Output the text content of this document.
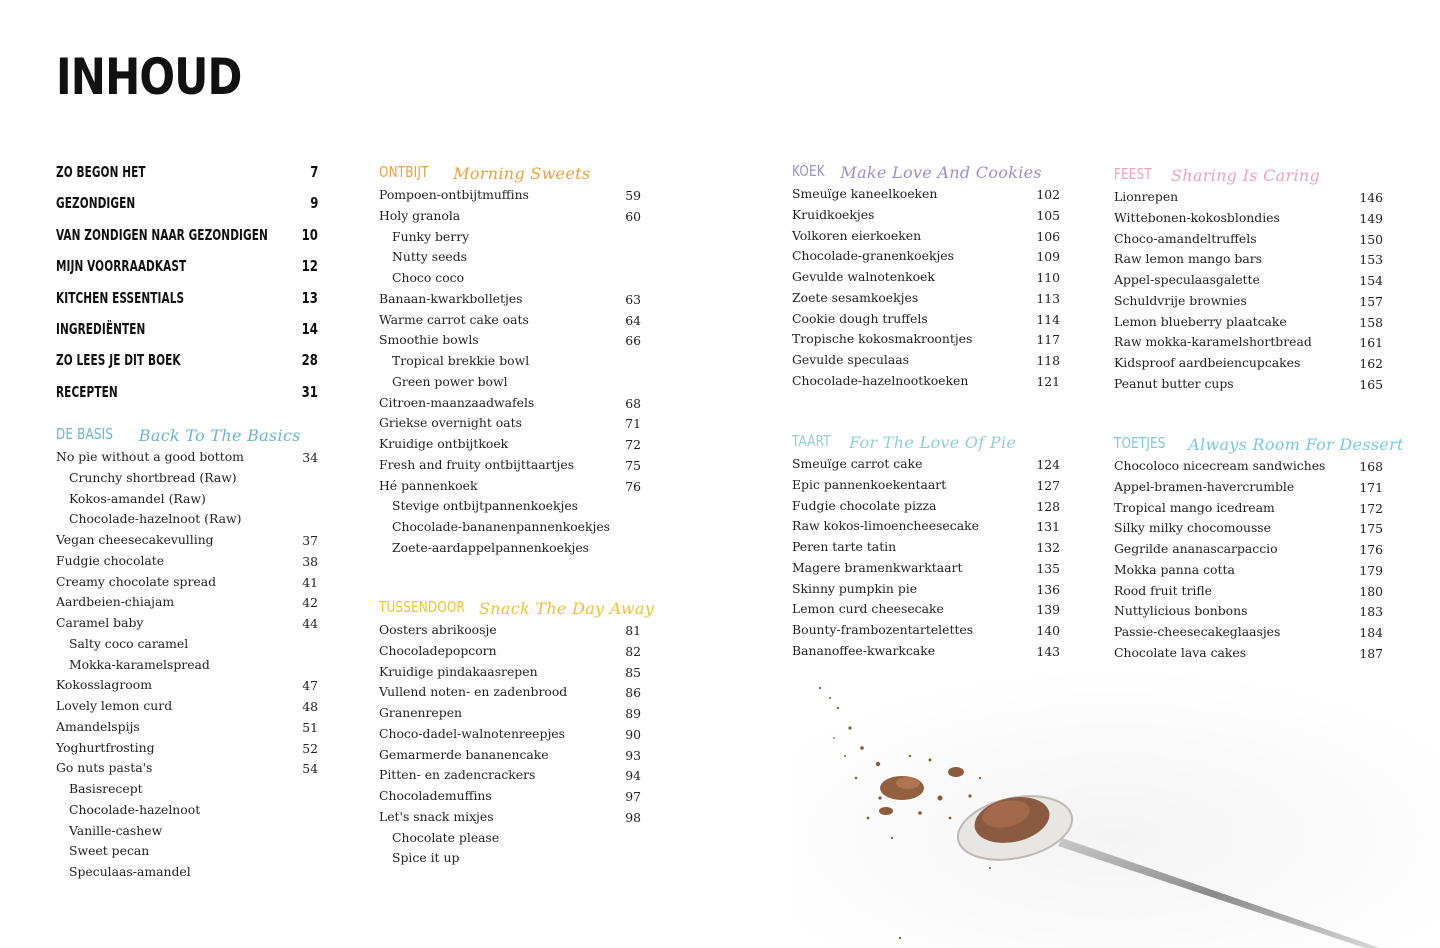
INHOUD
ZO BEGON HET	7
GEZONDIGEN	9
VAN ZONDIGEN NAAR GEZONDIGEN 10
MIJN VOORRAADKAST	12
KITCHEN ESSENTIALS	13
INGREDIËNTEN	14
ZO LEES JE DIT BOEK	28
RECEPTEN	31
DE BASIS Back To The Basics
No pie without a good bottom	34
Crunchy shortbread (Raw)
Kokos-amandel (Raw)
Chocolade-hazelnoot (Raw)
Vegan cheesecakevulling	37
Fudgie chocolate	38
Creamy chocolate spread	41
Aardbeien-chiajam	42
Caramel baby	44
Salty coco caramel
Mokka-karamelspread
Kokosslagroom	47
Lovely lemon curd	48
Amandelspijs	51
Yoghurtfrosting	52
Go nuts pasta's	54
Basisrecept
Chocolade-hazelnoot
Vanille-cashew
Sweet pecan
Speculaas-amandel
ONTBIJT Morning Sweets
Pompoen-ontbijtmuffins	59
Holy granola	60
Funky berry
Nutty seeds
Choco coco
Banaan-kwarkbolletjes	63
Warme carrot cake oats	64
Smoothie bowls	66
Tropical brekkie bowl
Green power bowl
Citroen-maanzaadwafels	68
Griekse overnight oats	71
Kruidige ontbijtkoek	72
Fresh and fruity ontbijttaartjes	75
Hé pannenkoek	76
Stevige ontbijtpannenkoekjes
Chocolade-bananenpannenkoekjes
Zoete-aardappelpannenkoekjes
TUSSENDOOR Snack The Day Away
Oosters abrikoosje	81
Chocoladepopcorn	82
Kruidige pindakaasrepen	85
Vullend noten- en zadenbrood	86
Granenrepen	89
Choco-dadel-walnotenreepjes	90
Gemarmerde bananencake	93
Pitten- en zadencrackers	94
Chocolademuffins	97
Let's snack mixjes	98
Chocolate please
Spice it up
KOEK Make Love And Cookies
Smeuïge kaneelkoeken	102
Kruidkoekjes	105
Volkoren eierkoeken	106
Chocolade-granenkoekjes	109
Gevulde walnotenkoek	110
Zoete sesamkoekjes	113
Cookie dough truffels	114
Tropische kokosmakroontjes	117
Gevulde speculaas	118
Chocolade-hazelnootkoeken	121
TAART For The Love Of Pie
Smeuïge carrot cake	124
Epic pannenkoekentaart	127
Fudgie chocolate pizza	128
Raw kokos-limoencheesecake	131
Peren tarte tatin	132
Magere bramenkwarktaart	135
Skinny pumpkin pie	136
Lemon curd cheesecake	139
Bounty-frambozentartelettes	140
Bananoffee-kwarkcake	143
FEEST Sharing Is Caring
Lionrepen	146
Wittebonen-kokosblondies	149
Choco-amandeltruffels	150
Raw lemon mango bars	153
Appel-speculaasgalette	154
Schuldvrije brownies	157
Lemon blueberry plaatcake	158
Raw mokka-karamelshortbread	161
Kidsproof aardbeiencupcakes	162
Peanut butter cups	165
TOETJES Always Room For Dessert
Chocoloco nicecream sandwiches	168
Appel-bramen-havercrumble	171
Tropical mango icedream	172
Silky milky chocomousse	175
Gegrilde ananascarpaccio	176
Mokka panna cotta	179
Rood fruit trifle	180
Nuttylicious bonbons	183
Passie-cheesecakeglaasjes	184
Chocolate lava cakes	187
